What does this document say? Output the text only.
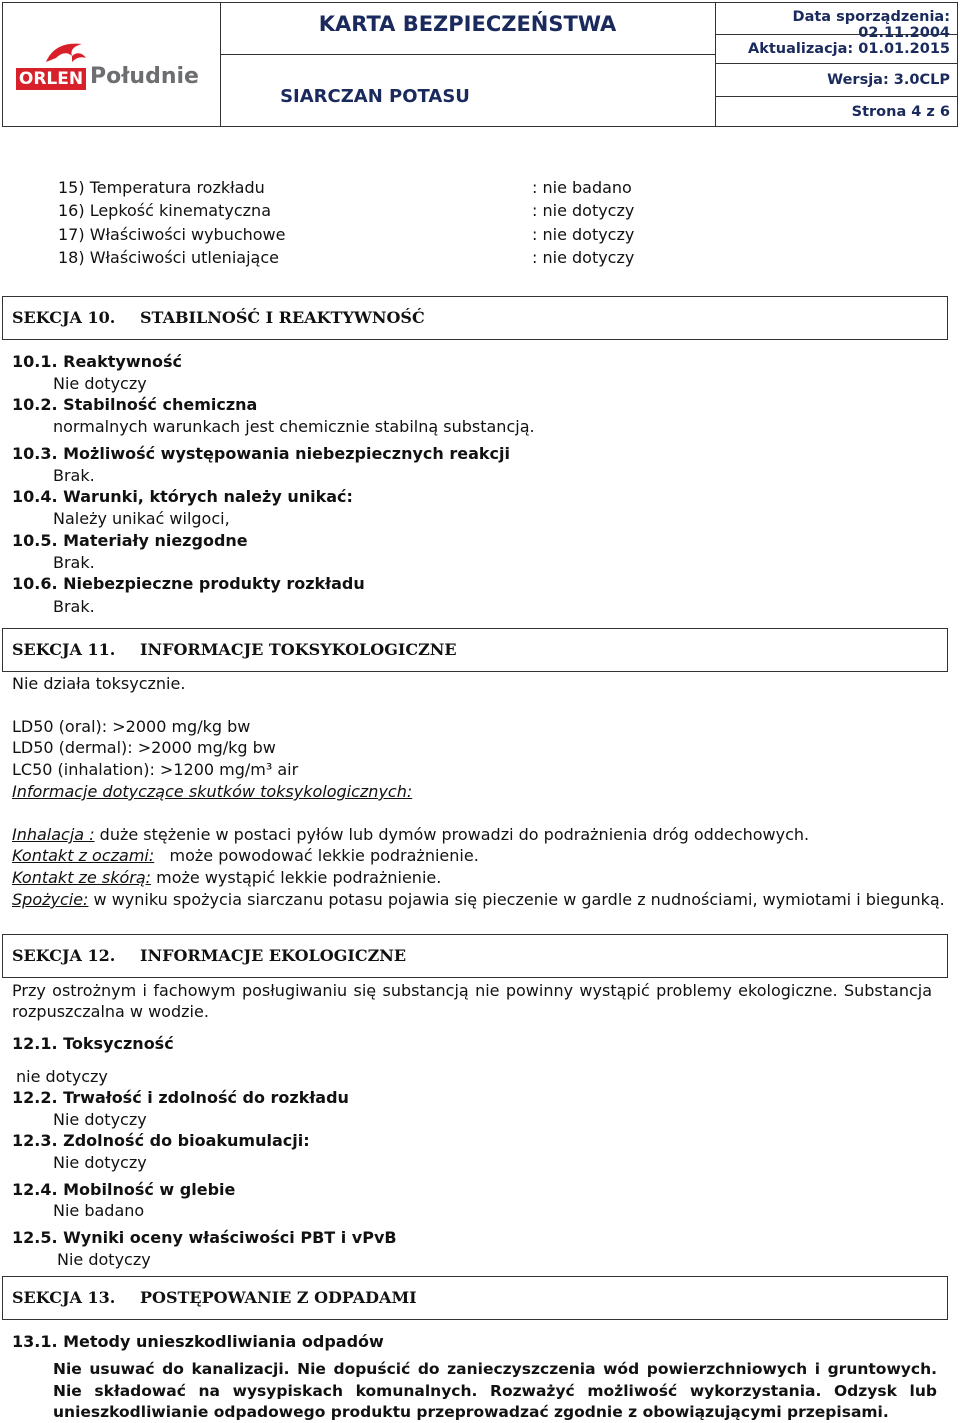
ORLEN Południe
KARTA BEZPIECZEŃSTWA
SIARCZAN POTASU
Data sporządzenia: 02.11.2004
Aktualizacja: 01.01.2015
Wersja: 3.0CLP
Strona 4 z 6
15) Temperatura rozkładu	: nie badano
16) Lepkość kinematyczna	: nie dotyczy
17) Właściwości wybuchowe	: nie dotyczy
18) Właściwości utleniające	: nie dotyczy
SEKCJA 10. STABILNOŚĆ I REAKTYWNOŚĆ
10.1. Reaktywność
Nie dotyczy
10.2. Stabilność chemiczna
normalnych warunkach jest chemicznie stabilną substancją.
10.3. Możliwość występowania niebezpiecznych reakcji
Brak.
10.4. Warunki, których należy unikać:
Należy unikać wilgoci,
10.5. Materiały niezgodne
Brak.
10.6. Niebezpieczne produkty rozkładu
Brak.
SEKCJA 11. INFORMACJE TOKSYKOLOGICZNE
Nie działa toksycznie.
LD50 (oral): >2000 mg/kg bw
LD50 (dermal): >2000 mg/kg bw
LC50 (inhalation): >1200 mg/m³ air
Informacje dotyczące skutków toksykologicznych:
Inhalacja : duże stężenie w postaci pyłów lub dymów prowadzi do podrażnienia dróg oddechowych.
Kontakt z oczami:   może powodować lekkie podrażnienie.
Kontakt ze skórą: może wystąpić lekkie podrażnienie.
Spożycie: w wyniku spożycia siarczanu potasu pojawia się pieczenie w gardle z nudnościami, wymiotami i biegunką.
SEKCJA 12. INFORMACJE EKOLOGICZNE
Przy ostrożnym i fachowym posługiwaniu się substancją nie powinny wystąpić problemy ekologiczne. Substancja
rozpuszczalna w wodzie.
12.1. Toksyczność
nie dotyczy
12.2. Trwałość i zdolność do rozkładu
Nie dotyczy
12.3. Zdolność do bioakumulacji:
Nie dotyczy
12.4. Mobilność w glebie
Nie badano
12.5. Wyniki oceny właściwości PBT i vPvB
Nie dotyczy
SEKCJA 13. POSTĘPOWANIE Z ODPADAMI
13.1. Metody unieszkodliwiania odpadów
Nie usuwać do kanalizacji. Nie dopuścić do zanieczyszczenia wód powierzchniowych i gruntowych.
Nie składować na wysypiskach komunalnych. Rozważyć możliwość wykorzystania. Odzysk lub
unieszkodliwianie odpadowego produktu przeprowadzać zgodnie z obowiązującymi przepisami.
